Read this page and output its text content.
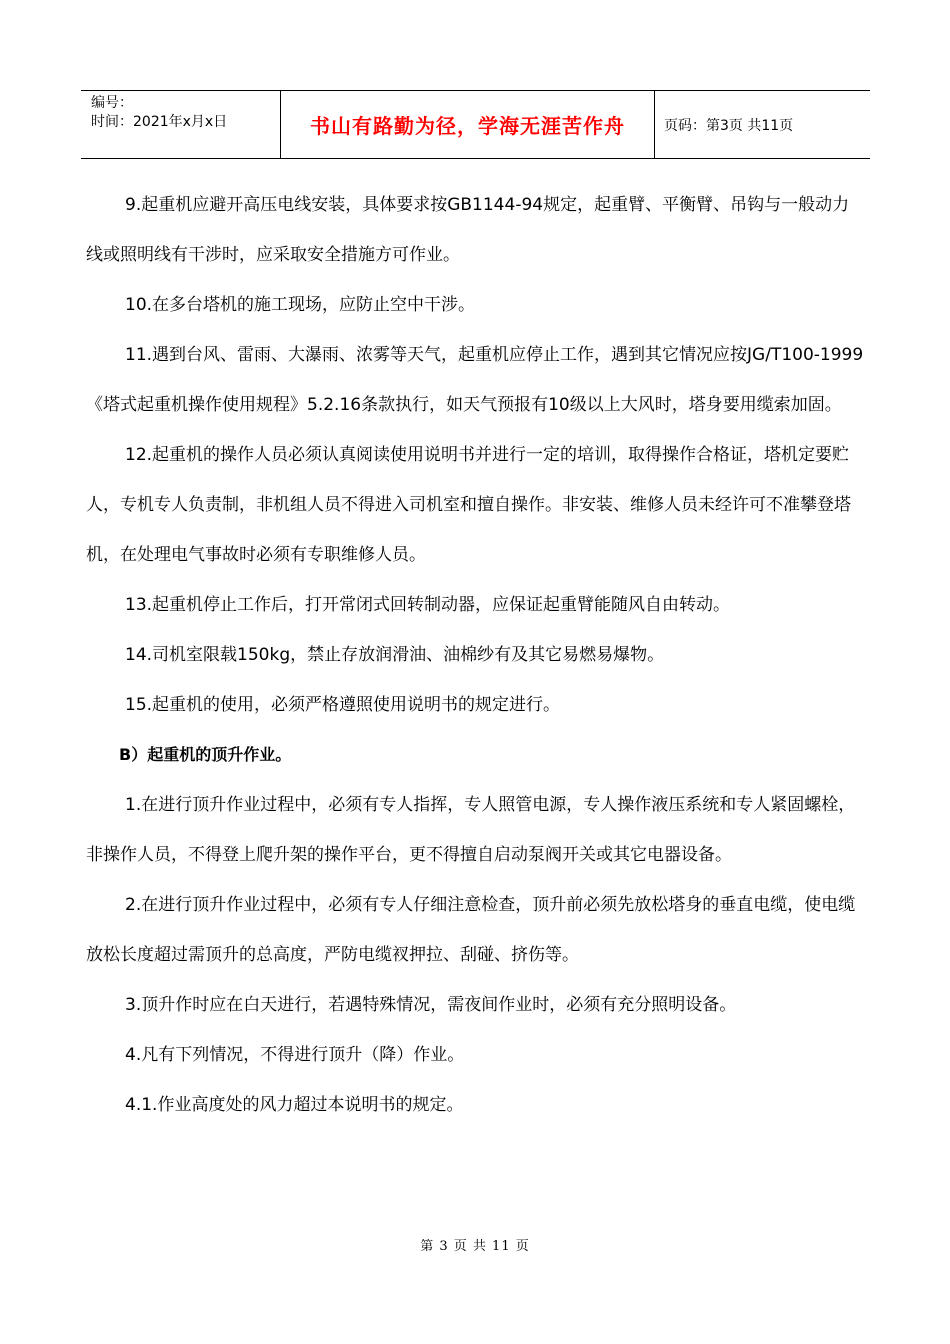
编号：
时间：2021年x月x日	书山有路勤为径，学海无涯苦作舟	页码：第3页 共11页

9.起重机应避开高压电线安装，具体要求按GB1144-94规定，起重臂、平衡臂、吊钩与一般动力线或照明线有干涉时，应采取安全措施方可作业。

10.在多台塔机的施工现场，应防止空中干涉。

11.遇到台风、雷雨、大瀑雨、浓雾等天气，起重机应停止工作，遇到其它情况应按JG/T100-1999《塔式起重机操作使用规程》5.2.16条款执行，如天气预报有10级以上大风时，塔身要用缆索加固。

12.起重机的操作人员必须认真阅读使用说明书并进行一定的培训，取得操作合格证，塔机定要贮人，专机专人负责制，非机组人员不得进入司机室和擅自操作。非安装、维修人员未经许可不准攀登塔机，在处理电气事故时必须有专职维修人员。

13.起重机停止工作后，打开常闭式回转制动器，应保证起重臂能随风自由转动。

14.司机室限载150kg，禁止存放润滑油、油棉纱有及其它易燃易爆物。

15.起重机的使用，必须严格遵照使用说明书的规定进行。

B）起重机的顶升作业。

1.在进行顶升作业过程中，必须有专人指挥，专人照管电源，专人操作液压系统和专人紧固螺栓，非操作人员，不得登上爬升架的操作平台，更不得擅自启动泵阀开关或其它电器设备。

2.在进行顶升作业过程中，必须有专人仔细注意检查，顶升前必须先放松塔身的垂直电缆，使电缆放松长度超过需顶升的总高度，严防电缆衩押拉、刮碰、挤伤等。

3.顶升作时应在白天进行，若遇特殊情况，需夜间作业时，必须有充分照明设备。

4.凡有下列情况，不得进行顶升（降）作业。

4.1.作业高度处的风力超过本说明书的规定。

第 3 页 共 11 页
